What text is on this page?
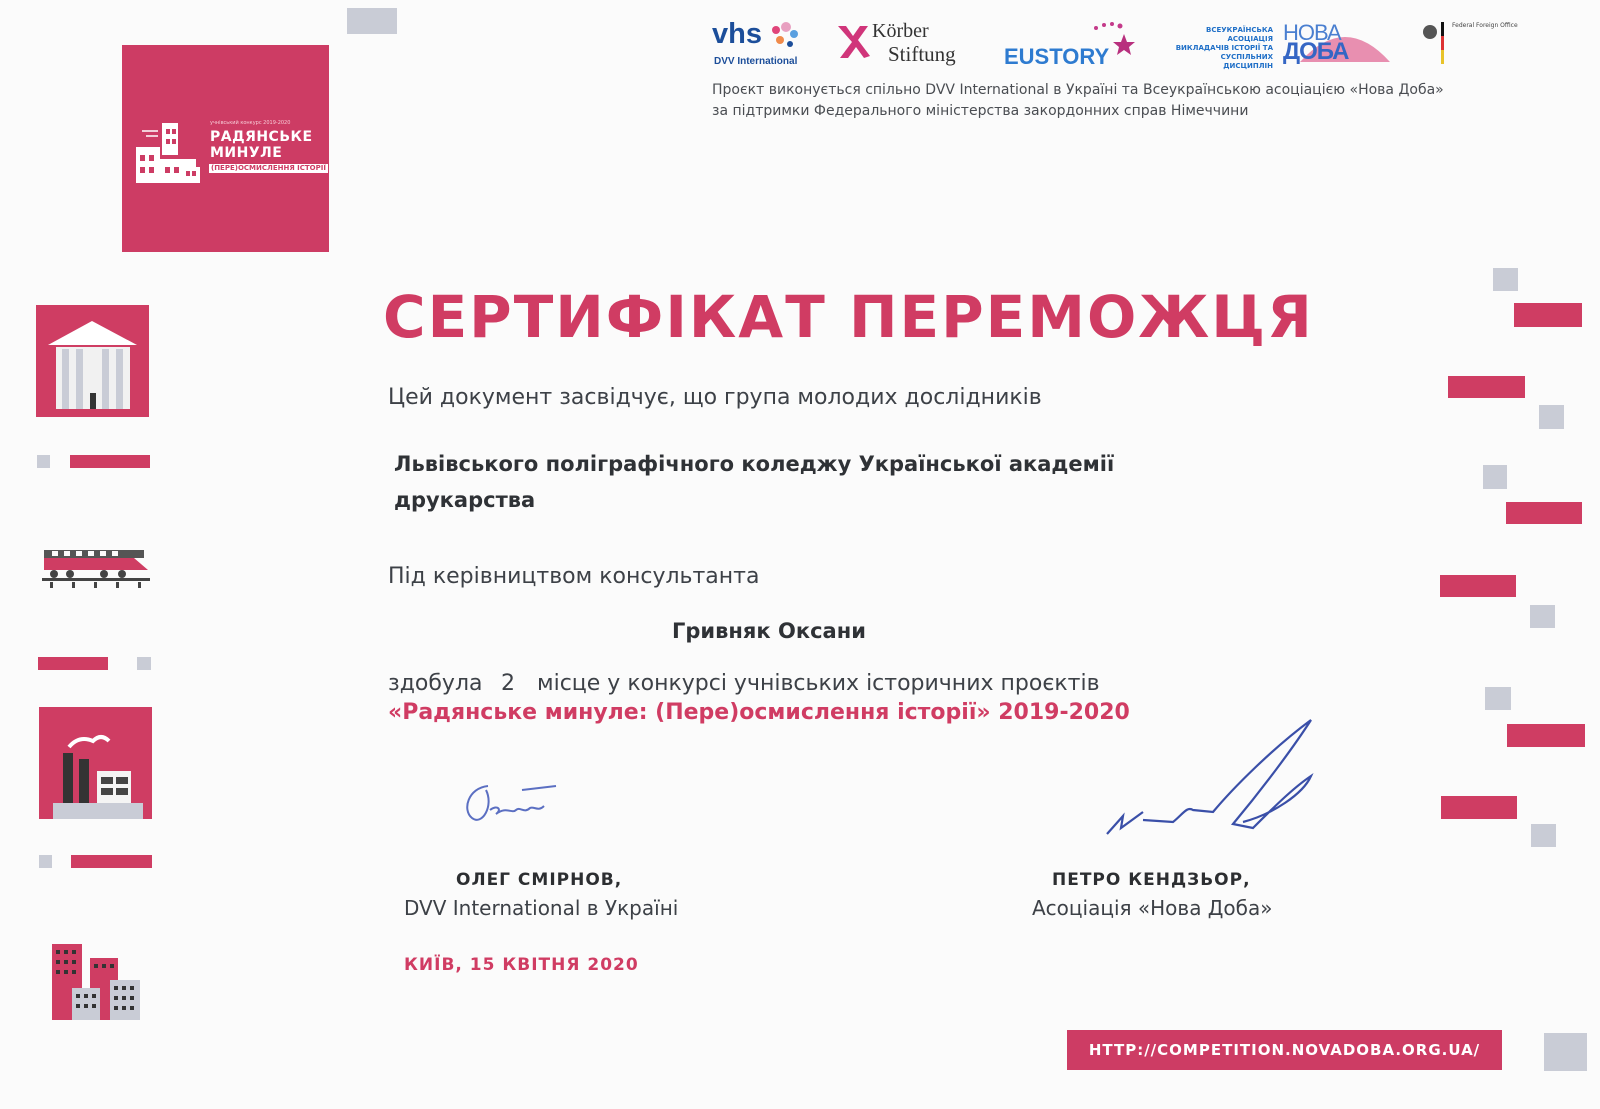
учнівський конкурс 2019-2020
РАДЯНСЬКЕ МИНУЛЕ
(ПЕРЕ)ОСМИСЛЕННЯ ІСТОРІЇ
vhs
DVV International
Körber
Stiftung EUSTORY
ВСЕУКРАЇНСЬКА АСОЦІАЦІЯ ВИКЛАДАЧІВ ІСТОРІЇ ТА СУСПІЛЬНИХ ДИСЦИПЛІН
НОВА
ДОБА
Federal Foreign Office
Проєкт виконується спільно DVV International в Україні та Всеукраїнською асоціацією «Нова Доба»
за підтримки Федерального міністерства закордонних справ Німеччини
СЕРТИФІКАТ ПЕРЕМОЖЦЯ
Цей документ засвідчує, що група молодих дослідників
Львівського поліграфічного коледжу Української академії
друкарства
Під керівництвом консультанта
Гривняк Оксани
здобула 2 місце у конкурсі учнівських історичних проєктів
«Радянське минуле: (Пере)осмислення історії» 2019-2020
ОЛЕГ СМІРНОВ,
DVV International в Україні
ПЕТРО КЕНДЗЬОР,
Асоціація «Нова Доба»
КИЇВ, 15 КВІТНЯ 2020
HTTP://COMPETITION.NOVADOBA.ORG.UA/
